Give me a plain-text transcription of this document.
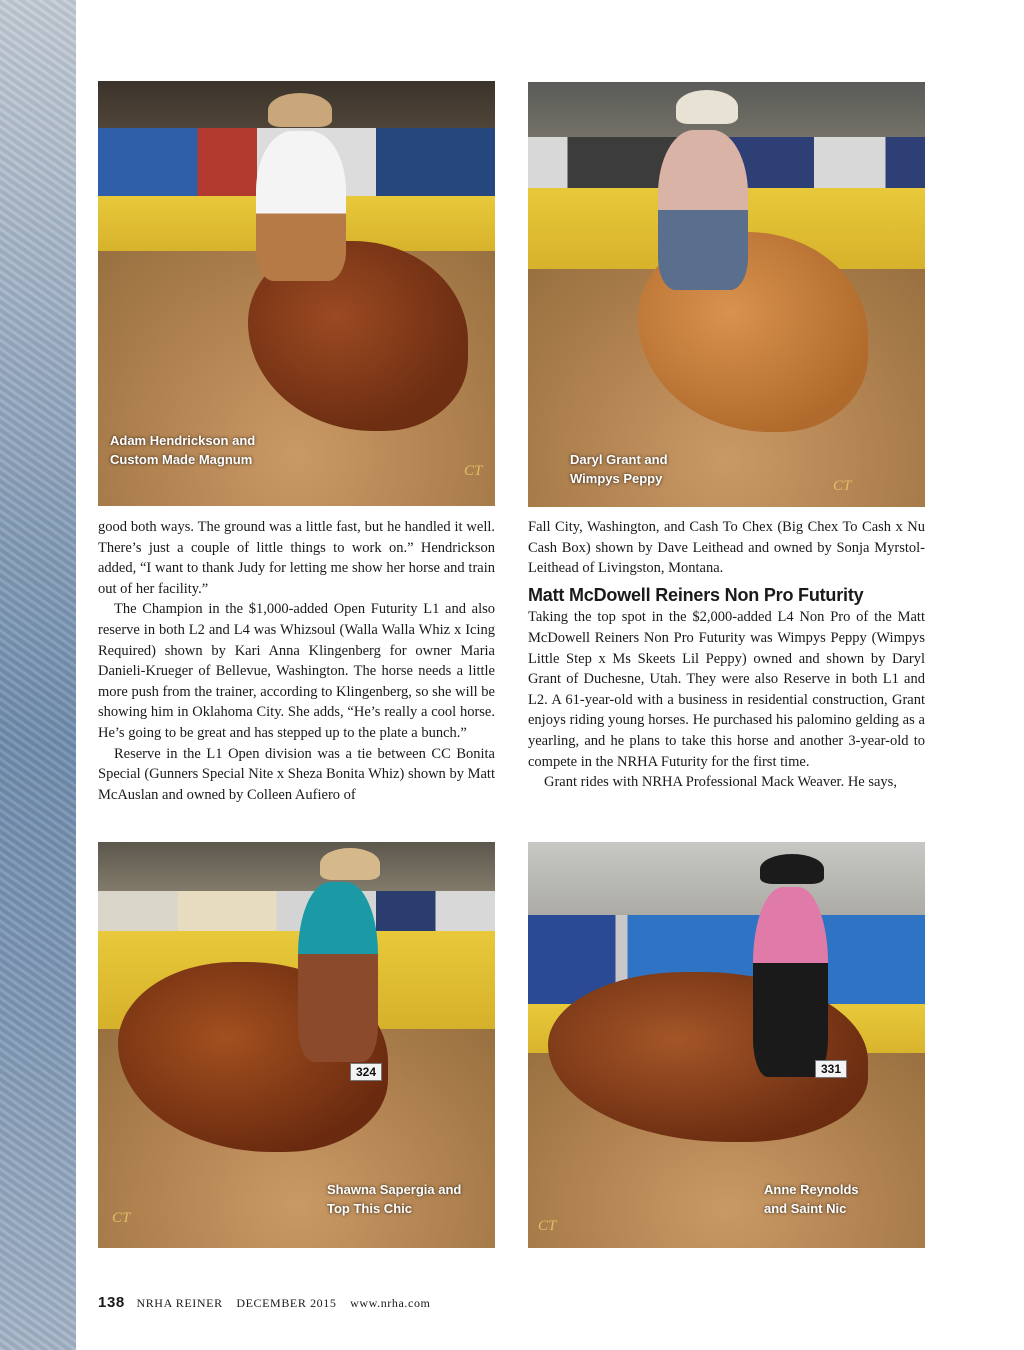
Adam Hendrickson and
Custom Made Magnum
CT
Daryl Grant and
Wimpys Peppy	CT

good both ways. The ground was a little fast, but he handled it well. There’s just a couple of little things to work on.” Hendrickson added, “I want to thank Judy for letting me show her horse and train out of her facility.”

The Champion in the $1,000-added Open Futurity L1 and also reserve in both L2 and L4 was Whizsoul (Walla Walla Whiz x Icing Required) shown by Kari Anna Klingenberg for owner Maria Danieli-Krueger of Bellevue, Washington. The horse needs a little more push from the trainer, according to Klingenberg, so she will be showing him in Oklahoma City. She adds, “He’s really a cool horse. He’s going to be great and has stepped up to the plate a bunch.”

Reserve in the L1 Open division was a tie between CC Bonita Special (Gunners Special Nite x Sheza Bonita Whiz) shown by Matt McAuslan and owned by Colleen Aufiero of

Fall City, Washington, and Cash To Chex (Big Chex To Cash x Nu Cash Box) shown by Dave Leithead and owned by Sonja Myrstol-Leithead of Livingston, Montana.

Matt McDowell Reiners Non Pro Futurity

Taking the top spot in the $2,000-added L4 Non Pro of the Matt McDowell Reiners Non Pro Futurity was Wimpys Peppy (Wimpys Little Step x Ms Skeets Lil Peppy) owned and shown by Daryl Grant of Duchesne, Utah. They were also Reserve in both L1 and L2. A 61-year-old with a business in residential construction, Grant enjoys riding young horses. He purchased his palomino gelding as a yearling, and he plans to take this horse and another 3-year-old to compete in the NRHA Futurity for the first time.

Grant rides with NRHA Professional Mack Weaver. He says,

324
Shawna Sapergia and
Top This Chic
CT
331
Anne Reynolds
and Saint Nic
CT
138 NRHA REINER DECEMBER 2015 www.nrha.com
